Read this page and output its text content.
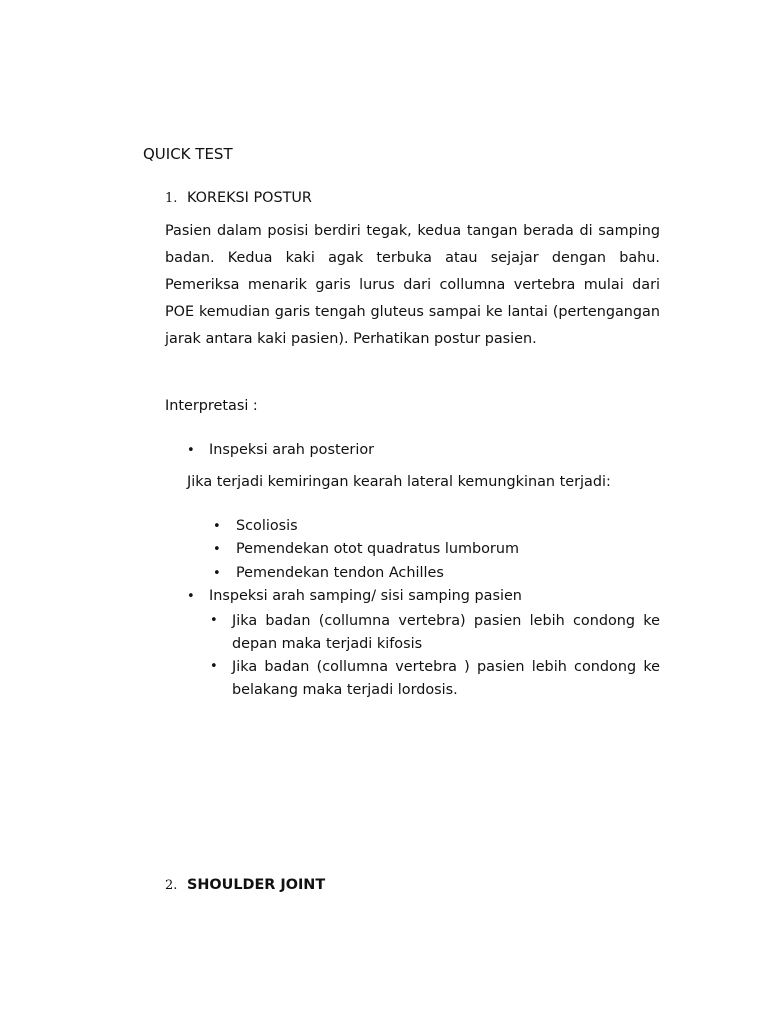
QUICK TEST
1. KOREKSI POSTUR

Pasien dalam posisi berdiri tegak, kedua tangan berada di samping badan. Kedua kaki agak terbuka atau sejajar dengan bahu. Pemeriksa menarik garis lurus dari collumna vertebra mulai dari POE kemudian garis tengah gluteus sampai ke lantai (pertengangan jarak antara kaki pasien). Perhatikan postur pasien.

Interpretasi :
• Inspeksi arah posterior
Jika terjadi kemiringan kearah lateral kemungkinan terjadi:
• Scoliosis
• Pemendekan otot quadratus lumborum
• Pemendekan tendon Achilles
• Inspeksi arah samping/ sisi samping pasien
• Jika badan (collumna vertebra) pasien lebih condong ke depan maka terjadi kifosis
• Jika badan (collumna vertebra ) pasien lebih condong ke belakang maka terjadi lordosis.
2. SHOULDER JOINT
